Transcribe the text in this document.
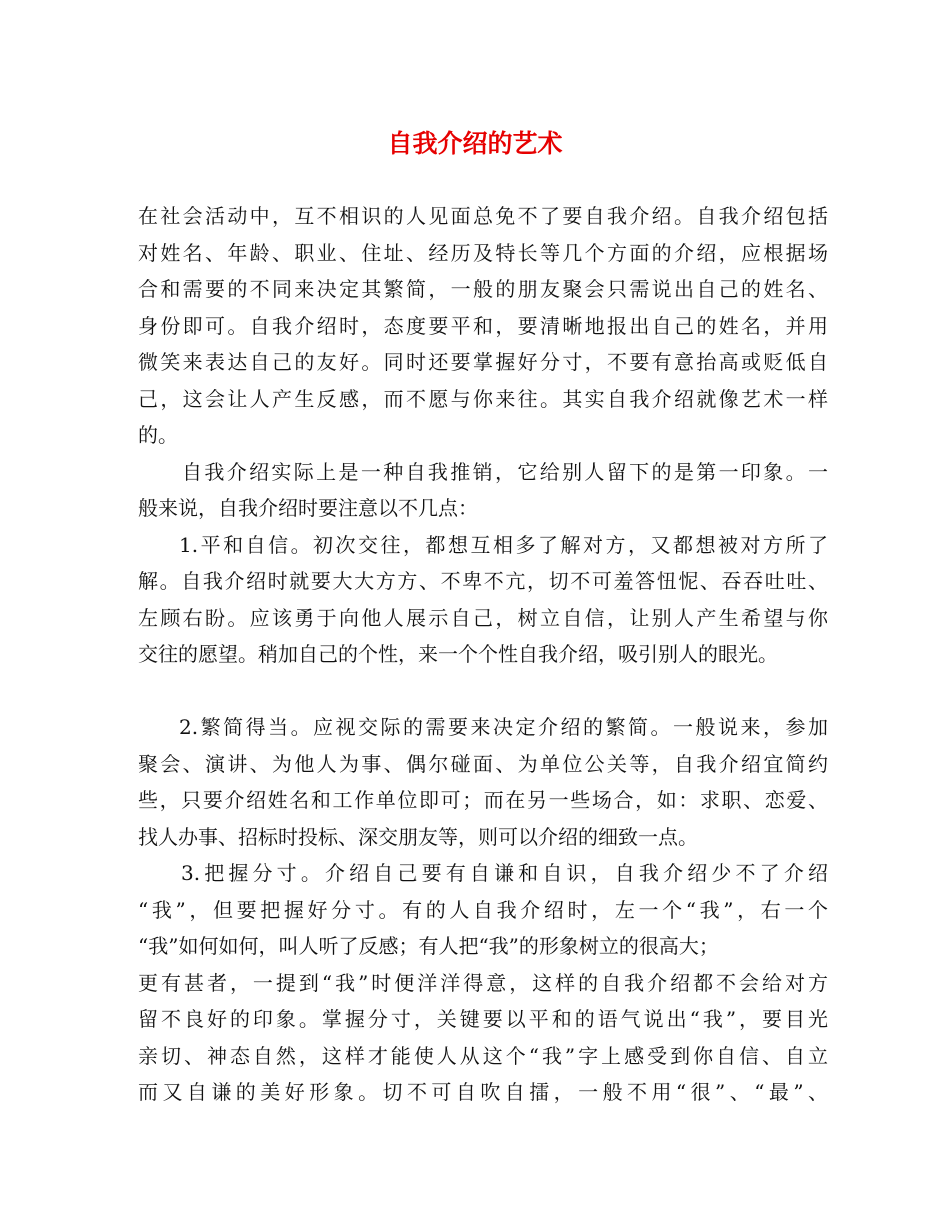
自我介绍的艺术
在社会活动中，互不相识的人见面总免不了要自我介绍。自我介绍包括
对姓名、年龄、职业、住址、经历及特长等几个方面的介绍，应根据场
合和需要的不同来决定其繁简，一般的朋友聚会只需说出自己的姓名、
身份即可。自我介绍时，态度要平和，要清晰地报出自己的姓名，并用
微笑来表达自己的友好。同时还要掌握好分寸，不要有意抬高或贬低自
己，这会让人产生反感，而不愿与你来往。其实自我介绍就像艺术一样
的。
自我介绍实际上是一种自我推销，它给别人留下的是第一印象。一
般来说，自我介绍时要注意以不几点：
1.平和自信。初次交往，都想互相多了解对方，又都想被对方所了
解。自我介绍时就要大大方方、不卑不亢，切不可羞答忸怩、吞吞吐吐、
左顾右盼。应该勇于向他人展示自己，树立自信，让别人产生希望与你
交往的愿望。稍加自己的个性，来一个个性自我介绍，吸引别人的眼光。
2.繁简得当。应视交际的需要来决定介绍的繁简。一般说来，参加
聚会、演讲、为他人为事、偶尔碰面、为单位公关等，自我介绍宜简约
些，只要介绍姓名和工作单位即可；而在另一些场合，如：求职、恋爱、
找人办事、招标时投标、深交朋友等，则可以介绍的细致一点。
3.把握分寸。介绍自己要有自谦和自识，自我介绍少不了介绍
“我”，但要把握好分寸。有的人自我介绍时，左一个“我”，右一个
“我”如何如何，叫人听了反感；有人把“我”的形象树立的很高大；
更有甚者，一提到“我”时便洋洋得意，这样的自我介绍都不会给对方
留不良好的印象。掌握分寸，关键要以平和的语气说出“我”，要目光
亲切、神态自然，这样才能使人从这个“我”字上感受到你自信、自立
而又自谦的美好形象。切不可自吹自擂，一般不用“很”、“最”、
